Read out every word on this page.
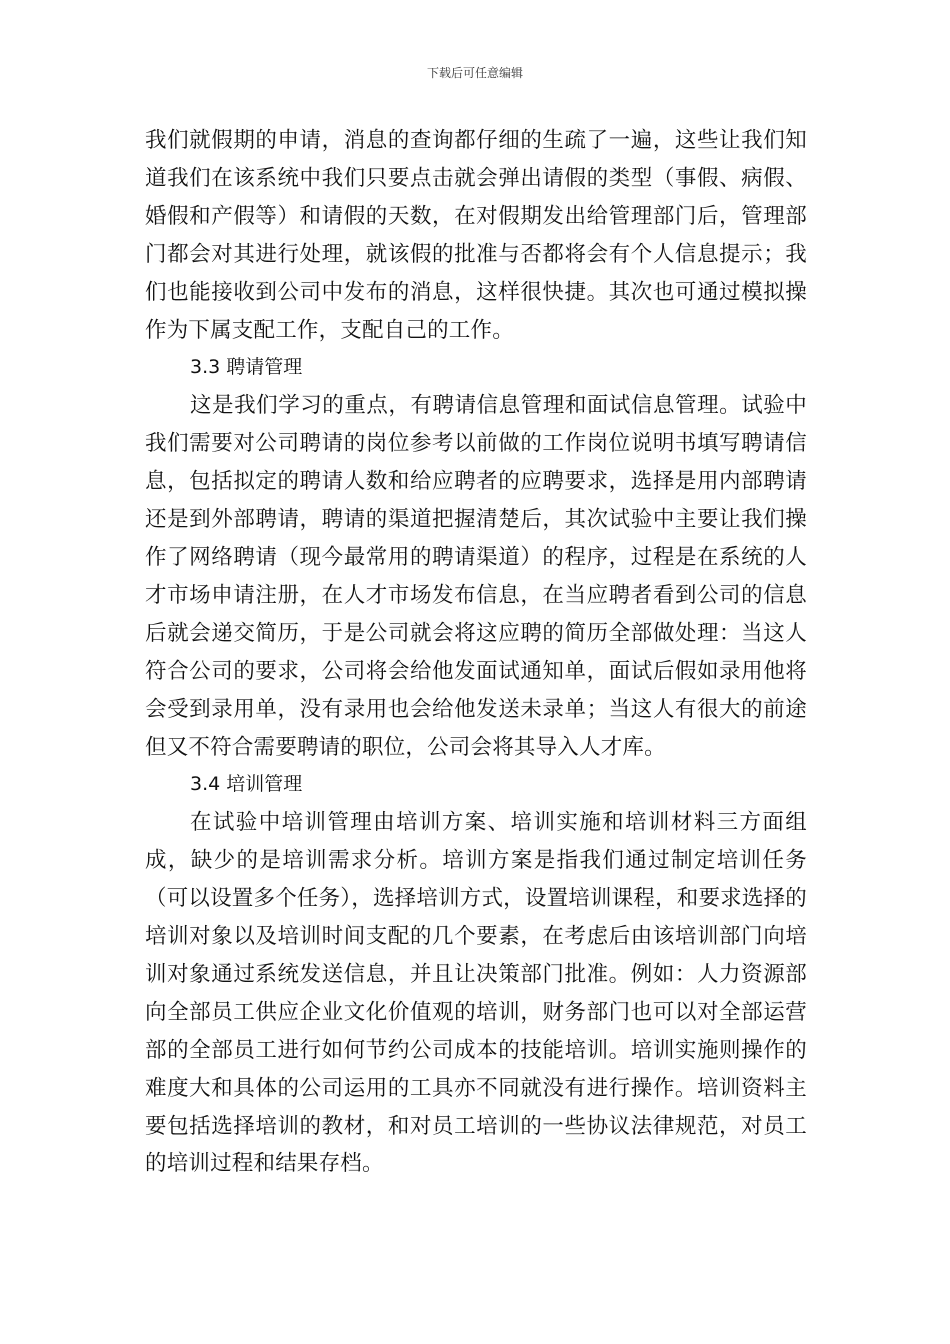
下载后可任意编辑

我们就假期的申请，消息的查询都仔细的生疏了一遍，这些让我们知道我们在该系统中我们只要点击就会弹出请假的类型（事假、病假、婚假和产假等）和请假的天数，在对假期发出给管理部门后，管理部门都会对其进行处理，就该假的批准与否都将会有个人信息提示；我们也能接收到公司中发布的消息，这样很快捷。其次也可通过模拟操作为下属支配工作，支配自己的工作。

3.3 聘请管理

这是我们学习的重点，有聘请信息管理和面试信息管理。试验中我们需要对公司聘请的岗位参考以前做的工作岗位说明书填写聘请信息，包括拟定的聘请人数和给应聘者的应聘要求，选择是用内部聘请还是到外部聘请，聘请的渠道把握清楚后，其次试验中主要让我们操作了网络聘请（现今最常用的聘请渠道）的程序，过程是在系统的人才市场申请注册，在人才市场发布信息，在当应聘者看到公司的信息后就会递交简历，于是公司就会将这应聘的简历全部做处理：当这人符合公司的要求，公司将会给他发面试通知单，面试后假如录用他将会受到录用单，没有录用也会给他发送未录单；当这人有很大的前途但又不符合需要聘请的职位，公司会将其导入人才库。

3.4 培训管理

在试验中培训管理由培训方案、培训实施和培训材料三方面组成，缺少的是培训需求分析。培训方案是指我们通过制定培训任务（可以设置多个任务），选择培训方式，设置培训课程，和要求选择的培训对象以及培训时间支配的几个要素，在考虑后由该培训部门向培训对象通过系统发送信息，并且让决策部门批准。例如：人力资源部向全部员工供应企业文化价值观的培训，财务部门也可以对全部运营部的全部员工进行如何节约公司成本的技能培训。培训实施则操作的难度大和具体的公司运用的工具亦不同就没有进行操作。培训资料主要包括选择培训的教材，和对员工培训的一些协议法律规范，对员工的培训过程和结果存档。
